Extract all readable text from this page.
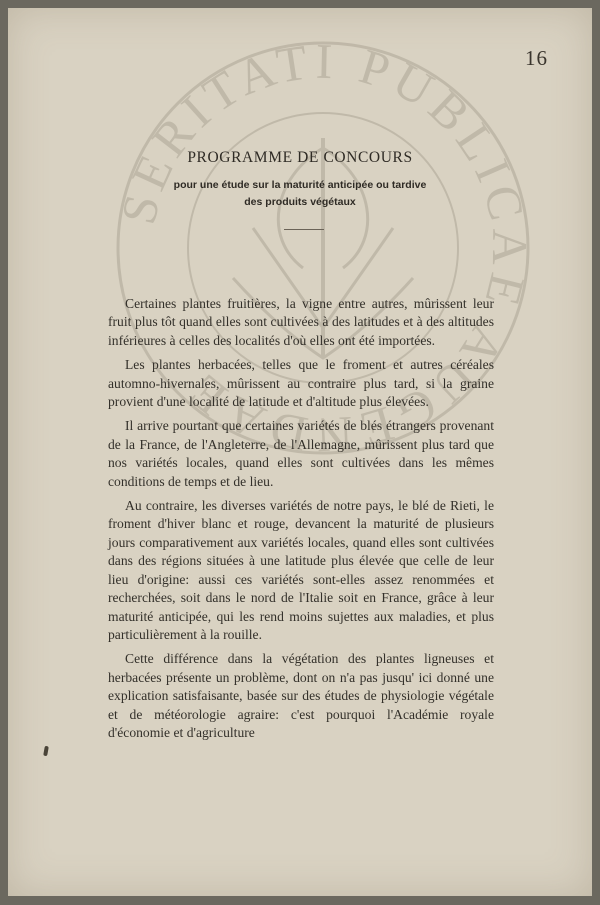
SERITATI PUBLICAE AUGENDAE
16
PROGRAMME DE CONCOURS
pour une étude sur la maturité anticipée ou tardive
des produits végétaux

Certaines plantes fruitières, la vigne entre autres, mûrissent leur fruit plus tôt quand elles sont cultivées à des latitudes et à des altitudes inférieures à celles des localités d'où elles ont été importées.

Les plantes herbacées, telles que le froment et autres céréales automno-hivernales, mûrissent au contraire plus tard, si la graine provient d'une localité de latitude et d'altitude plus élevées.

Il arrive pourtant que certaines variétés de blés étrangers provenant de la France, de l'Angleterre, de l'Allemagne, mûrissent plus tard que nos variétés locales, quand elles sont cultivées dans les mêmes conditions de temps et de lieu.

Au contraire, les diverses variétés de notre pays, le blé de Rieti, le froment d'hiver blanc et rouge, devancent la maturité de plusieurs jours comparativement aux variétés locales, quand elles sont cultivées dans des régions situées à une latitude plus élevée que celle de leur lieu d'origine: aussi ces variétés sont-elles assez renommées et recherchées, soit dans le nord de l'Italie soit en France, grâce à leur maturité anticipée, qui les rend moins sujettes aux maladies, et plus particulièrement à la rouille.

Cette différence dans la végétation des plantes ligneuses et herbacées présente un problème, dont on n'a pas jusqu' ici donné une explication satisfaisante, basée sur des études de physiologie végétale et de météorologie agraire: c'est pourquoi l'Académie royale d'économie et d'agriculture
